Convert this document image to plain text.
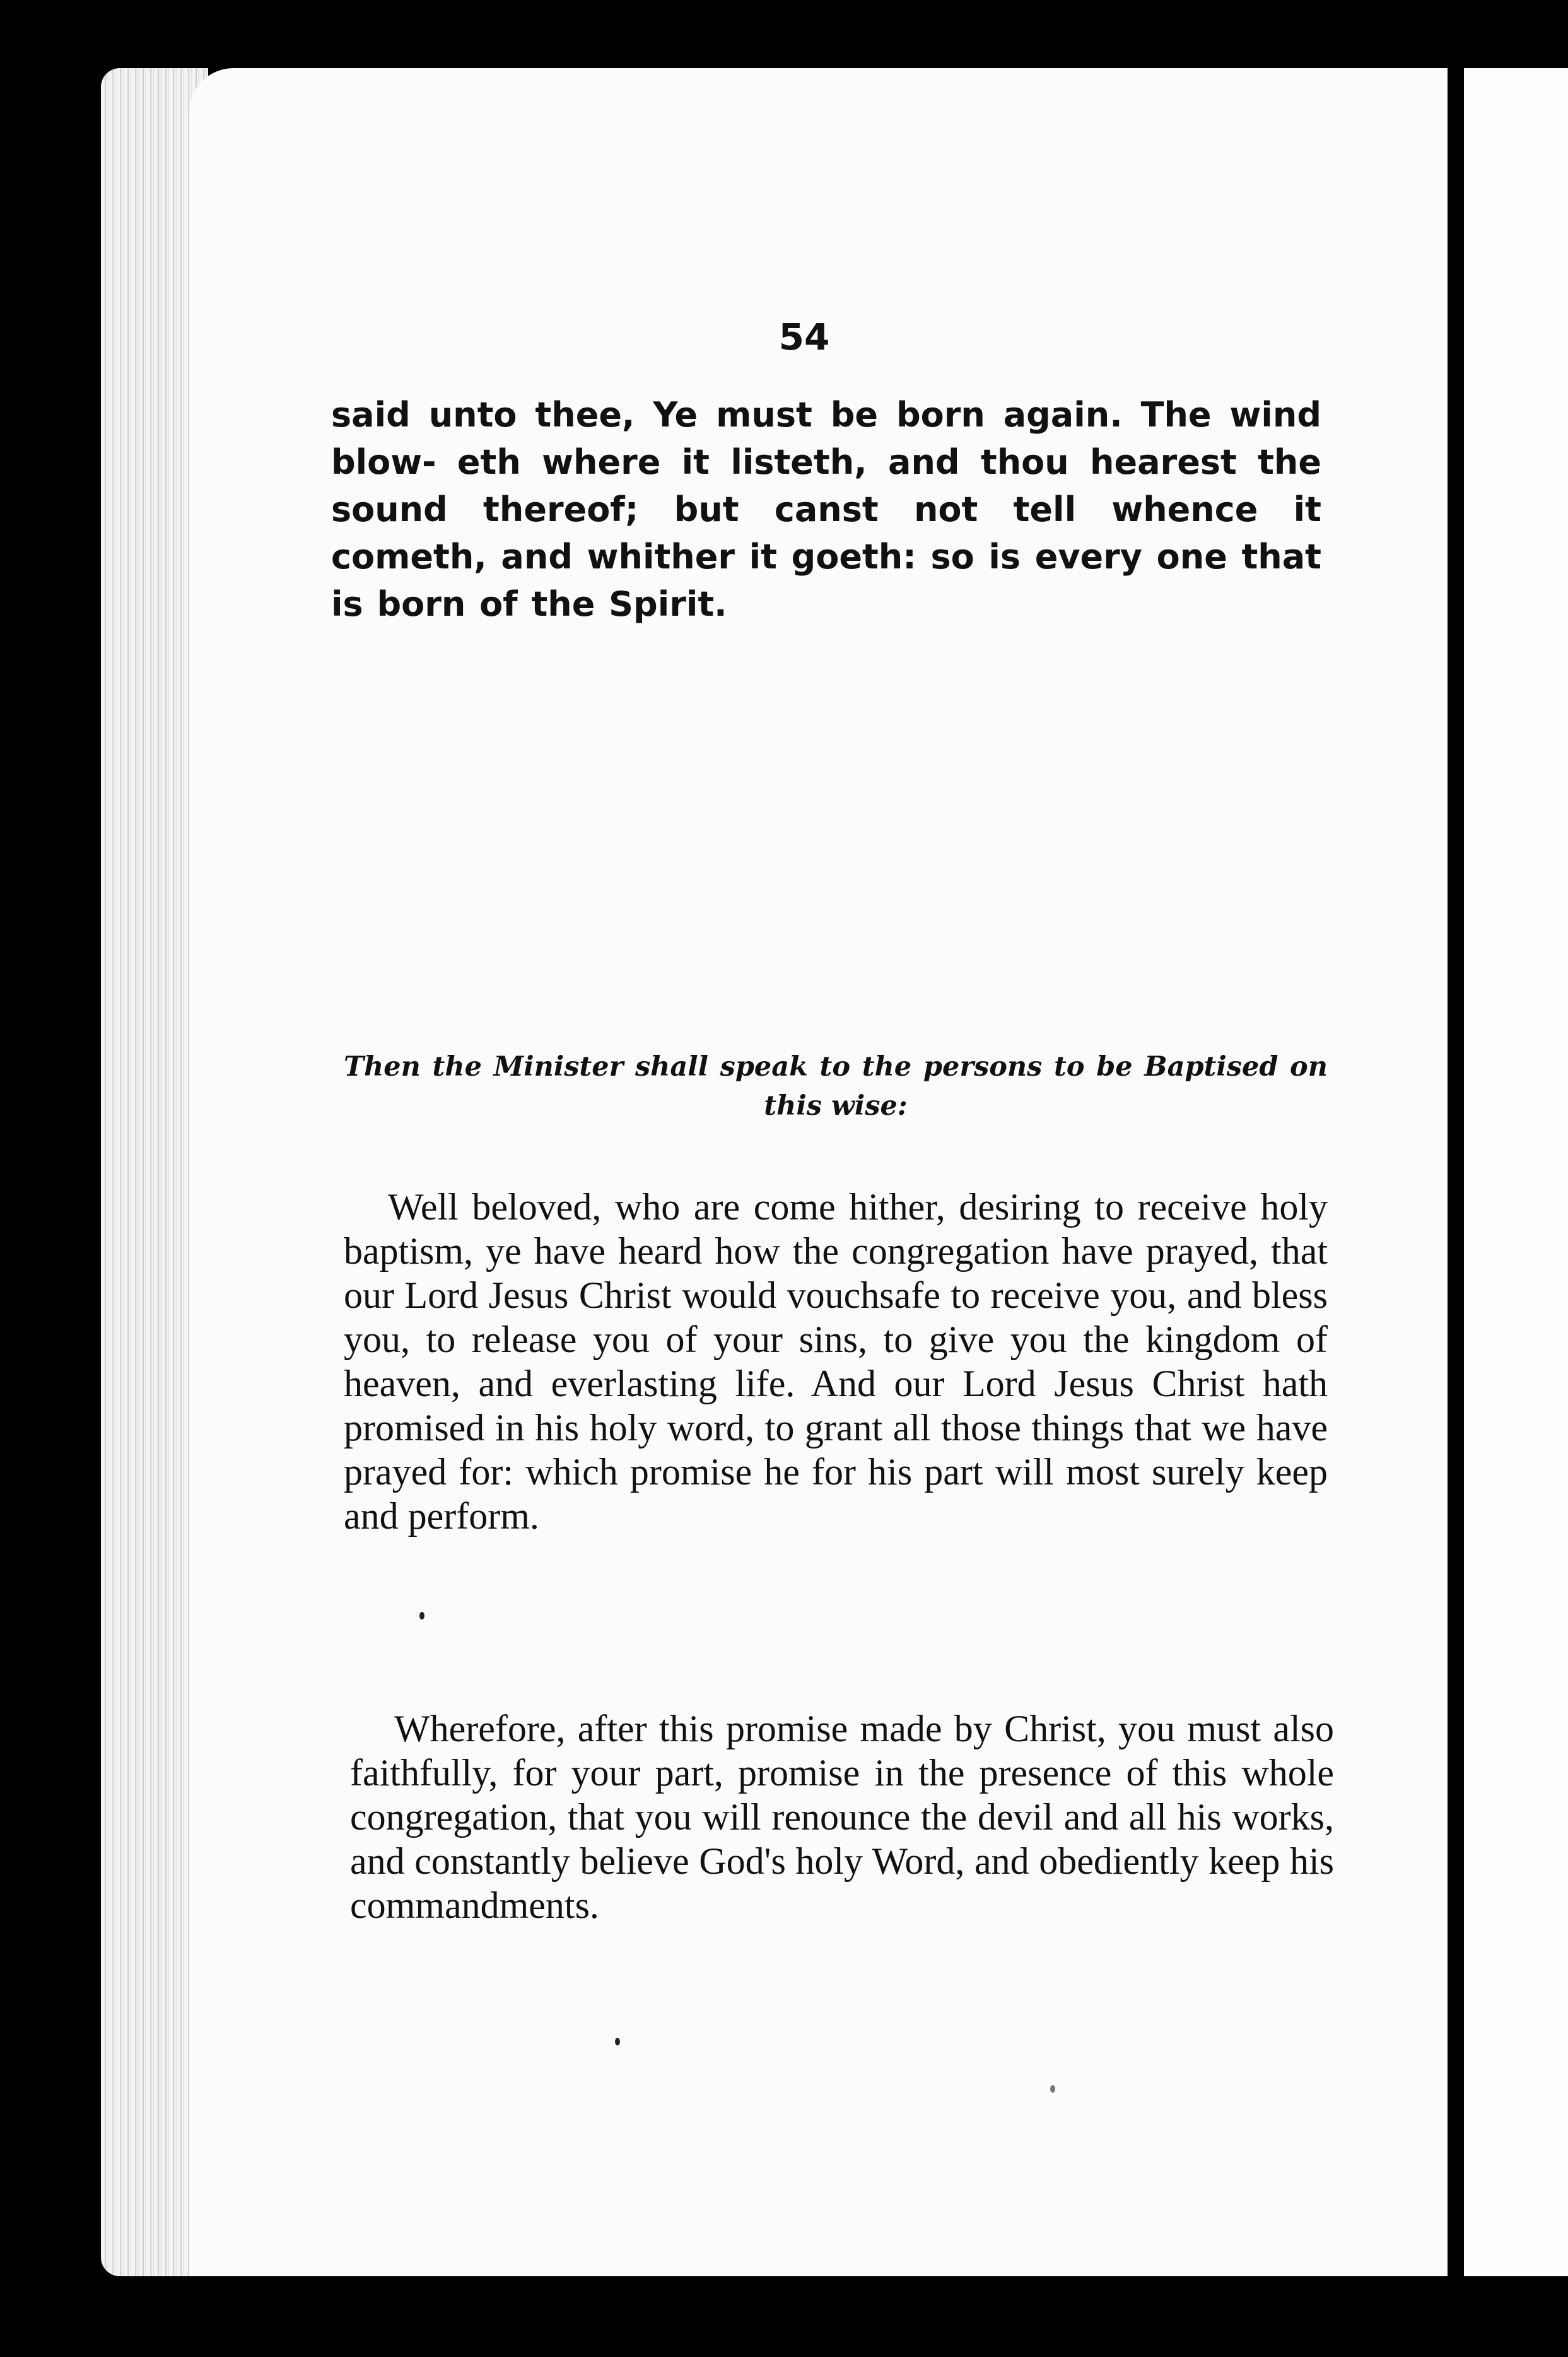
54
said unto thee, Ye must be born again. The wind blow- eth where it listeth, and thou hearest the sound thereof; but canst not tell whence it cometh, and whither it goeth: so is every one that is born of the Spirit.
Then the Minister shall speak to the persons to be Baptised on this wise:
Well beloved, who are come hither, desiring to receive holy baptism, ye have heard how the congregation have prayed, that our Lord Jesus Christ would vouchsafe to receive you, and bless you, to release you of your sins, to give you the kingdom of heaven, and everlasting life. And our Lord Jesus Christ hath promised in his holy word, to grant all those things that we have prayed for: which promise he for his part will most surely keep and perform.
Wherefore, after this promise made by Christ, you must also faithfully, for your part, promise in the presence of this whole congregation, that you will renounce the devil and all his works, and constantly believe God's holy Word, and obediently keep his commandments.
